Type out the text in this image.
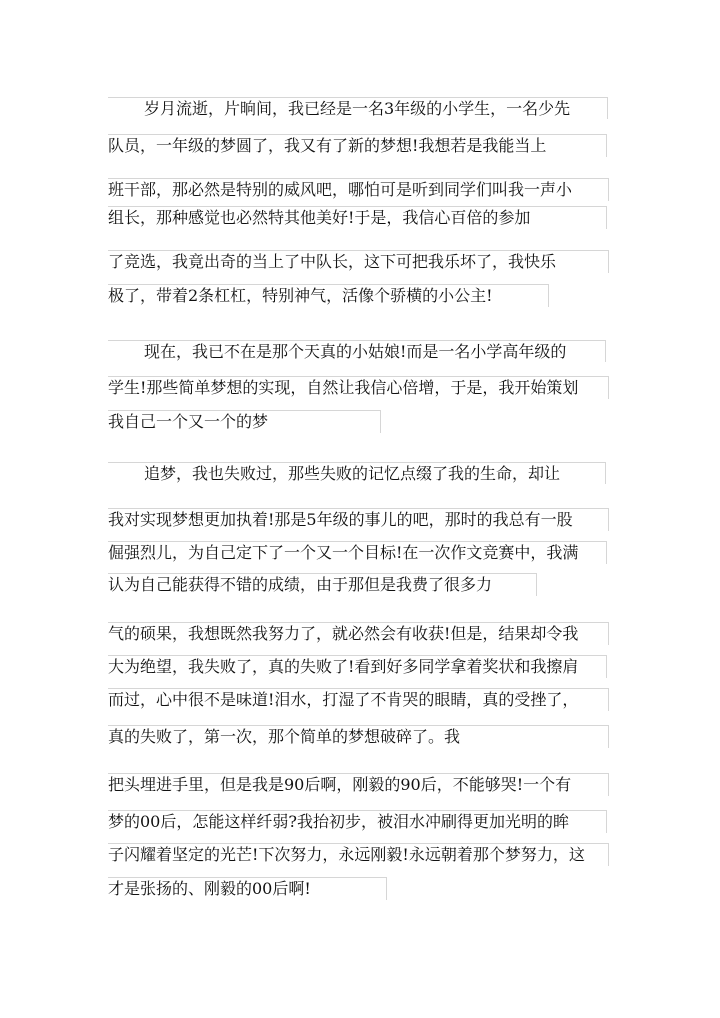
岁月流逝，片晌间，我已经是一名3年级的小学生，一名少先
队员，一年级的梦圆了，我又有了新的梦想!我想若是我能当上
班干部，那必然是特别的威风吧，哪怕可是听到同学们叫我一声小
组长，那种感觉也必然特其他美好!于是，我信心百倍的参加
了竞选，我竟出奇的当上了中队长，这下可把我乐坏了，我快乐
极了，带着2条杠杠，特别神气，活像个骄横的小公主!
现在，我已不在是那个天真的小姑娘!而是一名小学高年级的
学生!那些简单梦想的实现，自然让我信心倍增，于是，我开始策划
我自己一个又一个的梦
追梦，我也失败过，那些失败的记忆点缀了我的生命，却让
我对实现梦想更加执着!那是5年级的事儿的吧，那时的我总有一股
倔强烈儿，为自己定下了一个又一个目标!在一次作文竞赛中，我满
认为自己能获得不错的成绩，由于那但是我费了很多力
气的硕果，我想既然我努力了，就必然会有收获!但是，结果却令我
大为绝望，我失败了，真的失败了!看到好多同学拿着奖状和我擦肩
而过，心中很不是味道!泪水，打湿了不肯哭的眼睛，真的受挫了，
真的失败了，第一次，那个简单的梦想破碎了。我
把头埋进手里，但是我是90后啊，刚毅的90后，不能够哭!一个有
梦的00后，怎能这样纤弱?我抬初步，被泪水冲刷得更加光明的眸
子闪耀着坚定的光芒!下次努力，永远刚毅!永远朝着那个梦努力，这
才是张扬的、刚毅的00后啊!
